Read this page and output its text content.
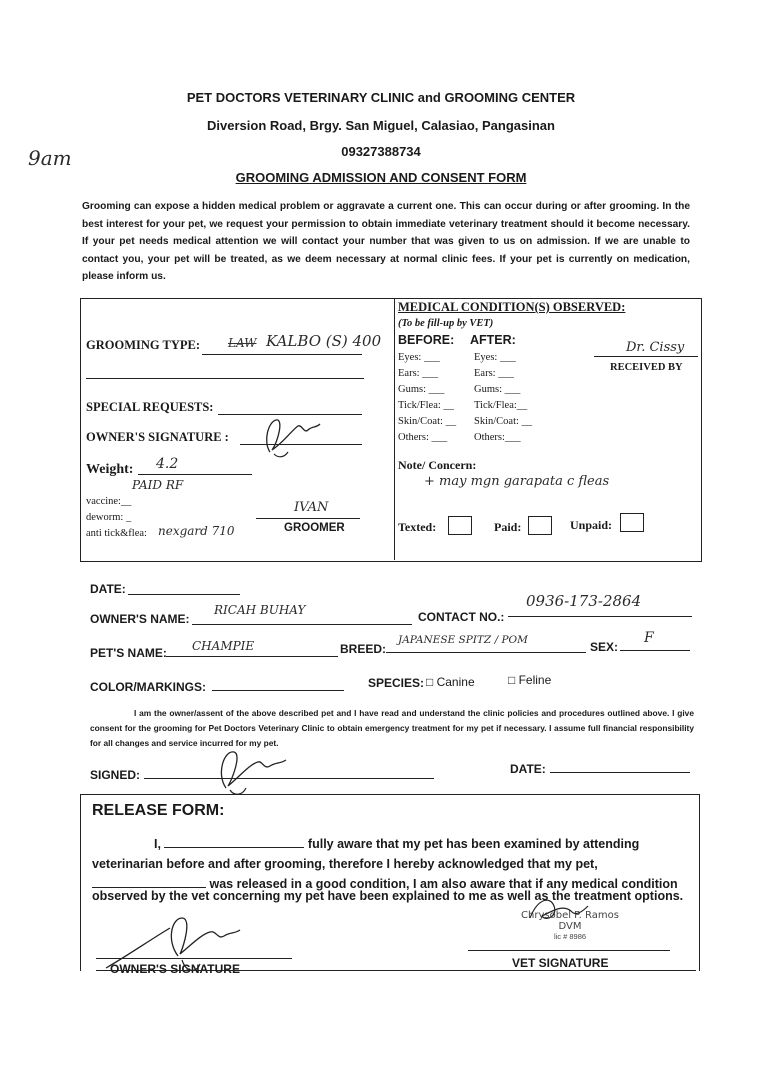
9am
PET DOCTORS VETERINARY CLINIC and GROOMING CENTER
Diversion Road, Brgy. San Miguel, Calasiao, Pangasinan
09327388734
GROOMING ADMISSION AND CONSENT FORM
Grooming can expose a hidden medical problem or aggravate a current one. This can occur during or after grooming. In the best interest for your pet, we request your permission to obtain immediate veterinary treatment should it become necessary. If your pet needs medical attention we will contact your number that was given to us on admission. If we are unable to contact you, your pet will be treated, as we deem necessary at normal clinic fees. If your pet is currently on medication, please inform us.
GROOMING TYPE: LAW KALBO (S) 400
SPECIAL REQUESTS:
OWNER'S SIGNATURE :
Weight: 4.2
PAID RF
vaccine:__
deworm: _
anti tick&flea: nexgard 710
IVAN
GROOMER
MEDICAL CONDITION(S) OBSERVED:
(To be fill-up by VET)
BEFORE: AFTER:
Eyes: ___
Ears: ___
Gums: ___
Tick/Flea: __
Skin/Coat: __
Others: ___
Eyes: ___
Ears: ___
Gums: ___
Tick/Flea:__
Skin/Coat: __
Others:___
Dr. Cissy
RECEIVED BY
Note/ Concern:
+ may mgn garapata c fleas
Texted:	Paid:	Unpaid:
DATE:
OWNER'S NAME:
RICAH BUHAY	CONTACT NO.:
0936-173-2864
PET'S NAME: CHAMPIE	BREED:
JAPANESE SPITZ / POM	SEX:
F
COLOR/MARKINGS:	SPECIES: □ Canine	□ Feline
I am the owner/assent of the above described pet and I have read and understand the clinic policies and procedures outlined above. I give consent for the grooming for Pet Doctors Veterinary Clinic to obtain emergency treatment for my pet if necessary. I assume full financial responsibility for all changes and service incurred for my pet.
SIGNED:	DATE:
RELEASE FORM:
I,	fully aware that my pet has been examined by attending
veterinarian before and after grooming, therefore I hereby acknowledged that my pet,
was released in a good condition, I am also aware that if any medical condition
observed by the vet concerning my pet have been explained to me as well as the treatment options.
OWNER'S SIGNATURE
Chrysobel P. Ramos DVM
lic # 8986
VET SIGNATURE
